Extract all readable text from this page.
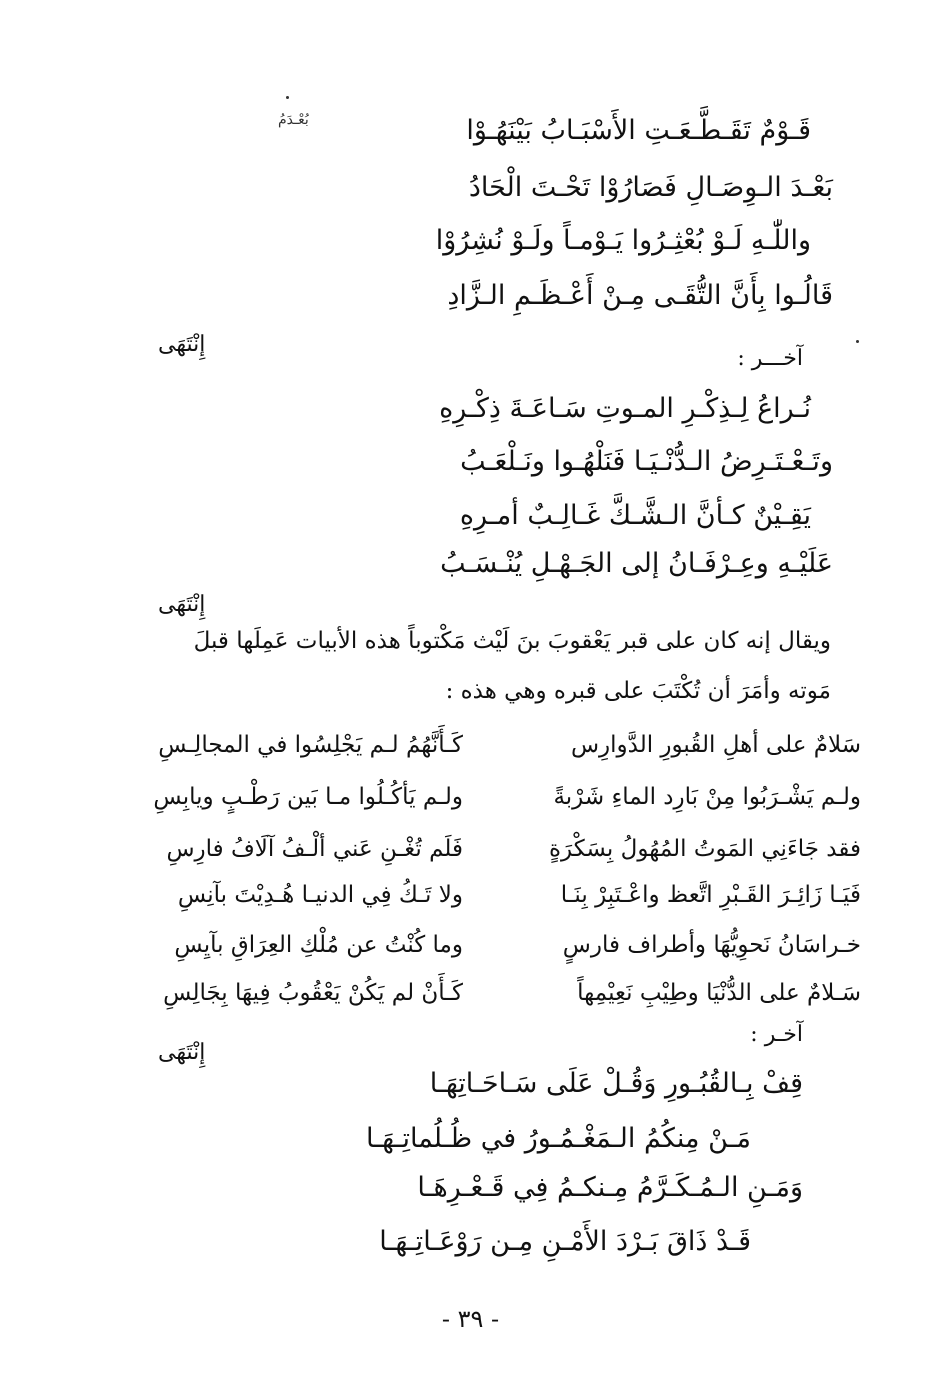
بُعْـدَمُ	قَـوْمٌ تَقَـطَّـعَـتِ الأَسْبَـابُ بَيْنَهُـوْا
بَعْـدَ الـوِصَـالِ فَصَارُوْا تَحْـتَ الْحَادُ
واللّٰـهِ لَـوْ بُعْثِـرُوا يَـوْمـاً ولَـوْ نُشِرُوْا
قَالُـوا بِأَنَّ التُّقَـى مِـنْ أَعْـظَـمِ الـزَّادِ
إِنْتَهَى
آخـــر :
نُـراعُ لِـذِكْـرِ المـوتِ سَـاعَـةَ ذِكْـرِهِ
وتَـعْـتَـرِضُ الـدُّنْـيَـا فَنَلْهُـوا ونَـلْعَـبُ
يَقِـيْنٌ كـأنَّ الـشَّـكَّ غَـالِـبٌ أمـرِهِ
عَلَيْـهِ وعِـرْفَـانُ إلى الجَـهْـلِ يُنْـسَـبُ
إِنْتَهَى
ويقال إنه كان على قبر يَعْقوبَ بنَ لَيْث مَكْتوباً هذه الأبيات عَمِلَها قبلَ
مَوته وأمَرَ أن تُكْتَبَ على قبره وهي هذه :
سَلامٌ على أهلِ القُبورِ الدَّوارِس
كَـأَنَّهُمُ لـم يَجْلِسُوا في المجالِـسِ
ولـم يَشْـرَبُوا مِنْ بَارِد الماءِ شَرْبةً
ولـم يَأكُـلُوا مـا بَين رَطْـبٍ ويابِسِ
فقد جَاءَنِي المَوتُ المُهُولُ بِسَكْرَةٍ
فَلَم تُغْـنِ عَني ألْـفُ آلَافُ فارِسِ
فَيَـا زَائِـرَ القَـبْرِ اتَّعظ واعْـتَبِرْ بِنَـا
ولا تَـكُ فِي الدنيـا هُـدِيْتَ بآنِسِ
خـراسَانُ نَحوِيُّهَا وأطراف فارسٍ
وما كُنْتُ عن مُلْكِ العِرَاقِ بآيِسِ
سَـلامٌ على الدُّنْيَا وطِيْبِ نَعِيْمِهاً
كَـأَنْ لم يَكُنْ يَعْقُوبُ فِيهَا بِجَالِسِ
إِنْتَهَى
آخـر :
قِفْ بِـالقُبُـورِ وَقُـلْ عَلَى سَـاحَـاتِهَـا
مَـنْ مِنكُمُ الـمَغْـمُـورُ في ظُـلُماتِـهَـا
وَمَـنِ الـمُـكَـرَّمُ مِـنكـمُ فِي قَـعْـرِهَـا
قَـدْ ذَاقَ بَـرْدَ الأَمْـنِ مِـن رَوْعَـاتِـهَـا
- ٣٩ -
